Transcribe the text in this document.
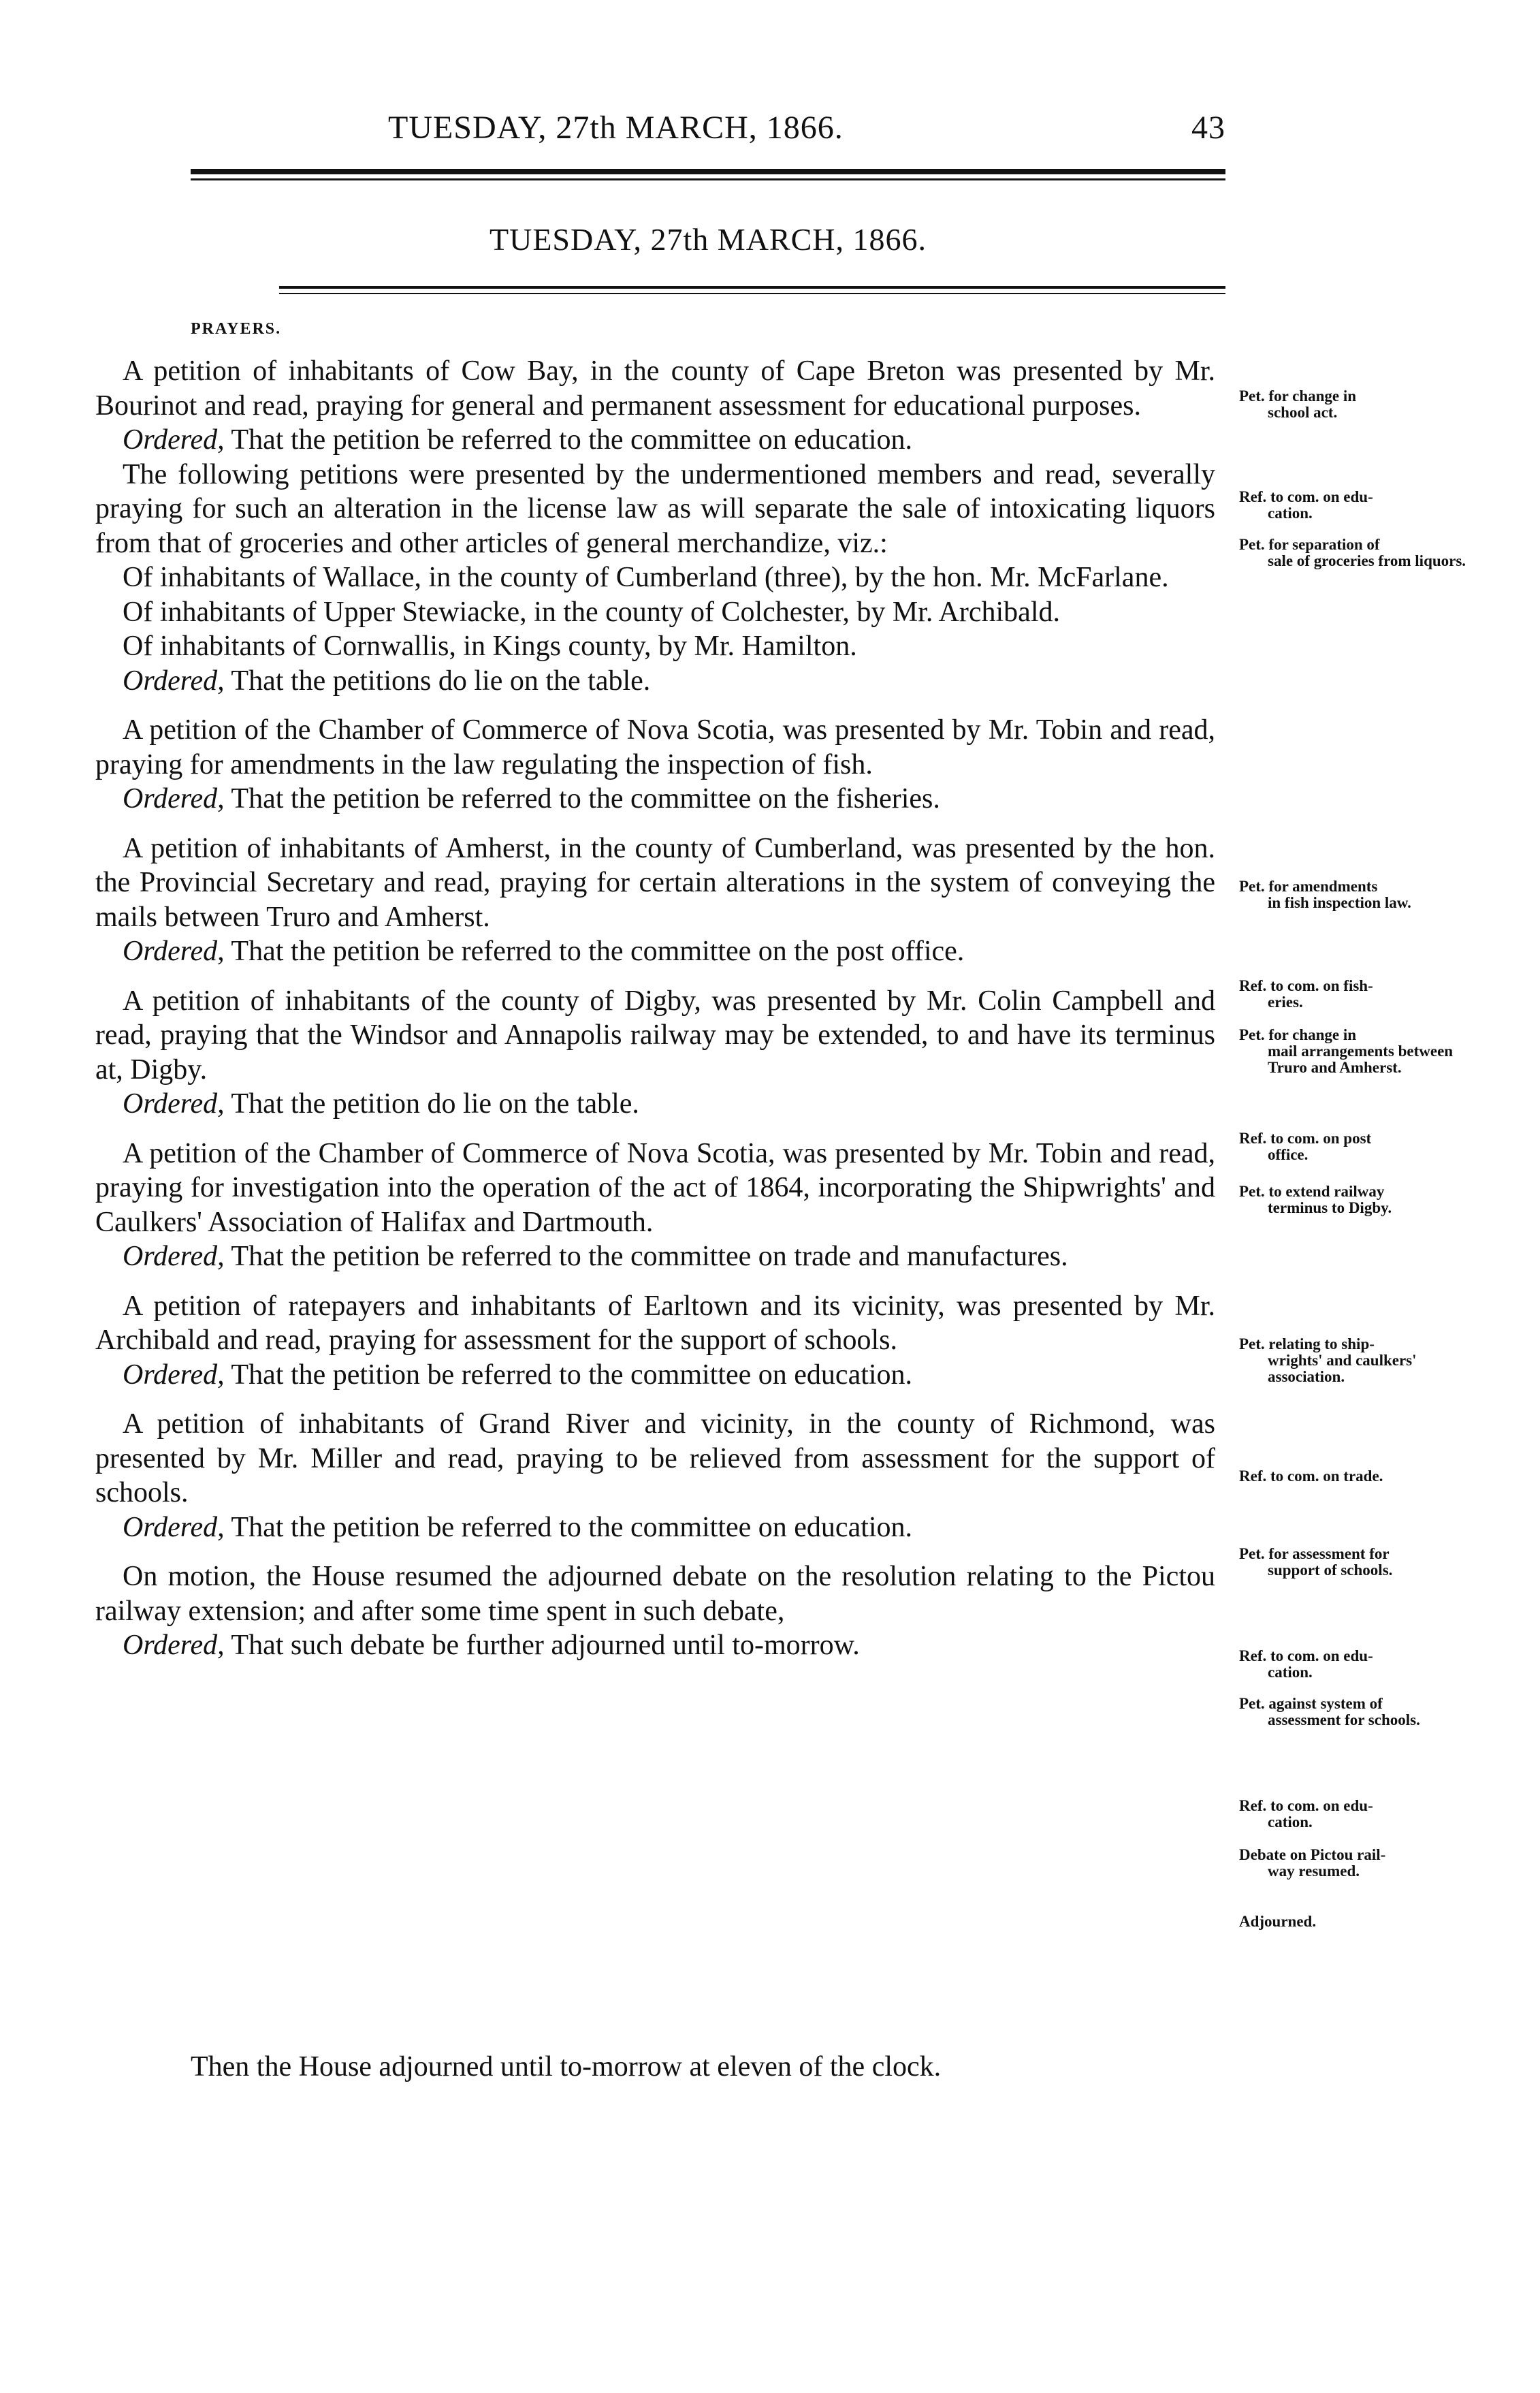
TUESDAY, 27th MARCH, 1866.	43
TUESDAY, 27th MARCH, 1866.
PRAYERS.

A petition of inhabitants of Cow Bay, in the county of Cape Breton was presented by Mr. Bourinot and read, praying for general and permanent assessment for educational purposes.

Ordered, That the petition be referred to the committee on education.

The following petitions were presented by the undermentioned members and read, severally praying for such an alteration in the license law as will separate the sale of intoxicating liquors from that of groceries and other articles of general merchandize, viz.:

Of inhabitants of Wallace, in the county of Cumberland (three), by the hon. Mr. McFarlane.

Of inhabitants of Upper Stewiacke, in the county of Colchester, by Mr. Archibald.

Of inhabitants of Cornwallis, in Kings county, by Mr. Hamilton.

Ordered, That the petitions do lie on the table.

A petition of the Chamber of Commerce of Nova Scotia, was presented by Mr. Tobin and read, praying for amendments in the law regulating the inspection of fish.

Ordered, That the petition be referred to the committee on the fisheries.

A petition of inhabitants of Amherst, in the county of Cumberland, was presented by the hon. the Provincial Secretary and read, praying for certain alterations in the system of conveying the mails between Truro and Amherst.

Ordered, That the petition be referred to the committee on the post office.

A petition of inhabitants of the county of Digby, was presented by Mr. Colin Campbell and read, praying that the Windsor and Annapolis railway may be extended, to and have its terminus at, Digby.

Ordered, That the petition do lie on the table.

A petition of the Chamber of Commerce of Nova Scotia, was presented by Mr. Tobin and read, praying for investigation into the operation of the act of 1864, incorporating the Shipwrights' and Caulkers' Association of Halifax and Dartmouth.

Ordered, That the petition be referred to the committee on trade and manufactures.

A petition of ratepayers and inhabitants of Earltown and its vicinity, was presented by Mr. Archibald and read, praying for assessment for the support of schools.

Ordered, That the petition be referred to the committee on education.

A petition of inhabitants of Grand River and vicinity, in the county of Richmond, was presented by Mr. Miller and read, praying to be relieved from assessment for the support of schools.

Ordered, That the petition be referred to the committee on education.

On motion, the House resumed the adjourned debate on the resolution relating to the Pictou railway extension; and after some time spent in such debate,

Ordered, That such debate be further adjourned until to-morrow.

Pet. for change in
school act.
Ref. to com. on edu-
cation.
Pet. for separation of
sale of groceries from liquors.
Pet. for amendments
in fish inspection law.
Ref. to com. on fish-
eries.
Pet. for change in
mail arrangements between Truro and Amherst.
Ref. to com. on post
office.
Pet. to extend railway
terminus to Digby.
Pet. relating to ship-
wrights' and caulkers' association.
Ref. to com. on trade.
Pet. for assessment for
support of schools.
Ref. to com. on edu-
cation.
Pet. against system of
assessment for schools.
Ref. to com. on edu-
cation.
Debate on Pictou rail-
way resumed.
Adjourned.
Then the House adjourned until to-morrow at eleven of the clock.
